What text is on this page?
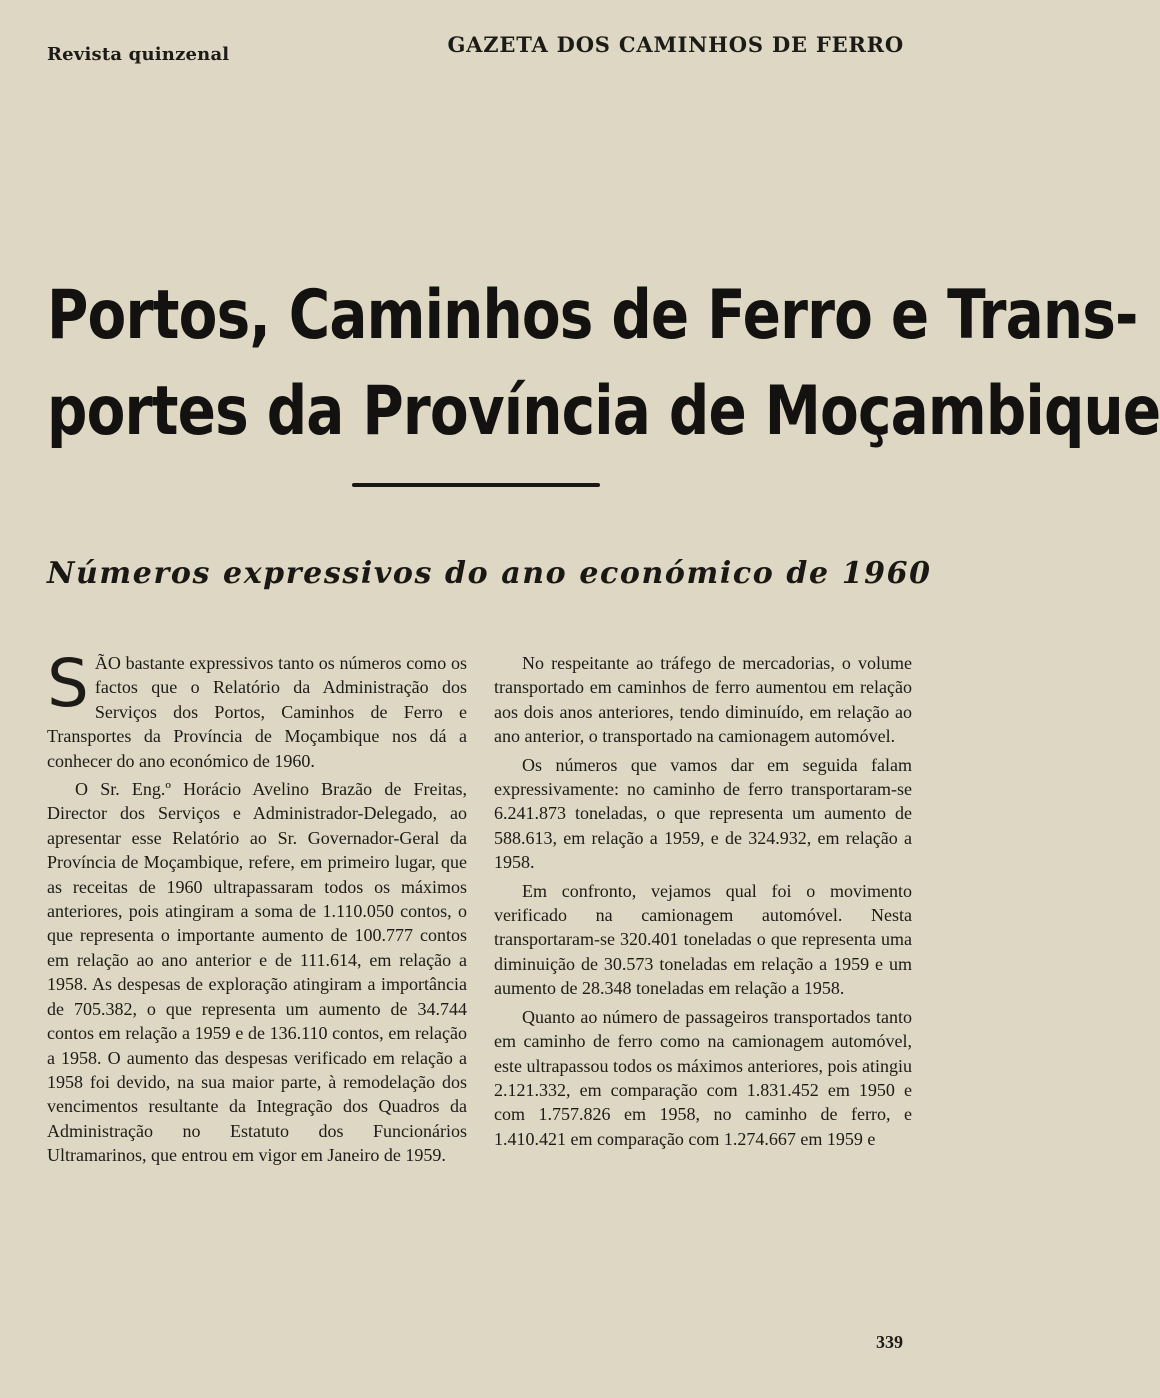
Revista quinzenal	GAZETA DOS CAMINHOS DE FERRO
Portos, Caminhos de Ferro e Trans-
portes da Província de Moçambique
Números expressivos do ano económico de 1960

SÃO bastante expressivos tanto os números como os factos que o Relatório da Administração dos Serviços dos Portos, Caminhos de Ferro e Transportes da Província de Moçambique nos dá a conhecer do ano económico de 1960.

O Sr. Eng.º Horácio Avelino Brazão de Freitas, Director dos Serviços e Administrador-Delegado, ao apresentar esse Relatório ao Sr. Governador-Geral da Província de Moçambique, refere, em primeiro lugar, que as receitas de 1960 ultrapassaram todos os máximos anteriores, pois atingiram a soma de 1.110.050 contos, o que representa o importante aumento de 100.777 contos em relação ao ano anterior e de 111.614, em relação a 1958. As despesas de exploração atingiram a importância de 705.382, o que representa um aumento de 34.744 contos em relação a 1959 e de 136.110 contos, em relação a 1958. O aumento das despesas verificado em relação a 1958 foi devido, na sua maior parte, à remodelação dos vencimentos resultante da Integração dos Quadros da Administração no Estatuto dos Funcionários Ultramarinos, que entrou em vigor em Janeiro de 1959.

No respeitante ao tráfego de mercadorias, o volume transportado em caminhos de ferro aumentou em relação aos dois anos anteriores, tendo diminuído, em relação ao ano anterior, o transportado na camionagem automóvel.

Os números que vamos dar em seguida falam expressivamente: no caminho de ferro transportaram-se 6.241.873 toneladas, o que representa um aumento de 588.613, em relação a 1959, e de 324.932, em relação a 1958.

Em confronto, vejamos qual foi o movimento verificado na camionagem automóvel. Nesta transportaram-se 320.401 toneladas o que representa uma diminuição de 30.573 toneladas em relação a 1959 e um aumento de 28.348 toneladas em relação a 1958.

Quanto ao número de passageiros transportados tanto em caminho de ferro como na camionagem automóvel, este ultrapassou todos os máximos anteriores, pois atingiu 2.121.332, em comparação com 1.831.452 em 1950 e com 1.757.826 em 1958, no caminho de ferro, e 1.410.421 em comparação com 1.274.667 em 1959 e

339
